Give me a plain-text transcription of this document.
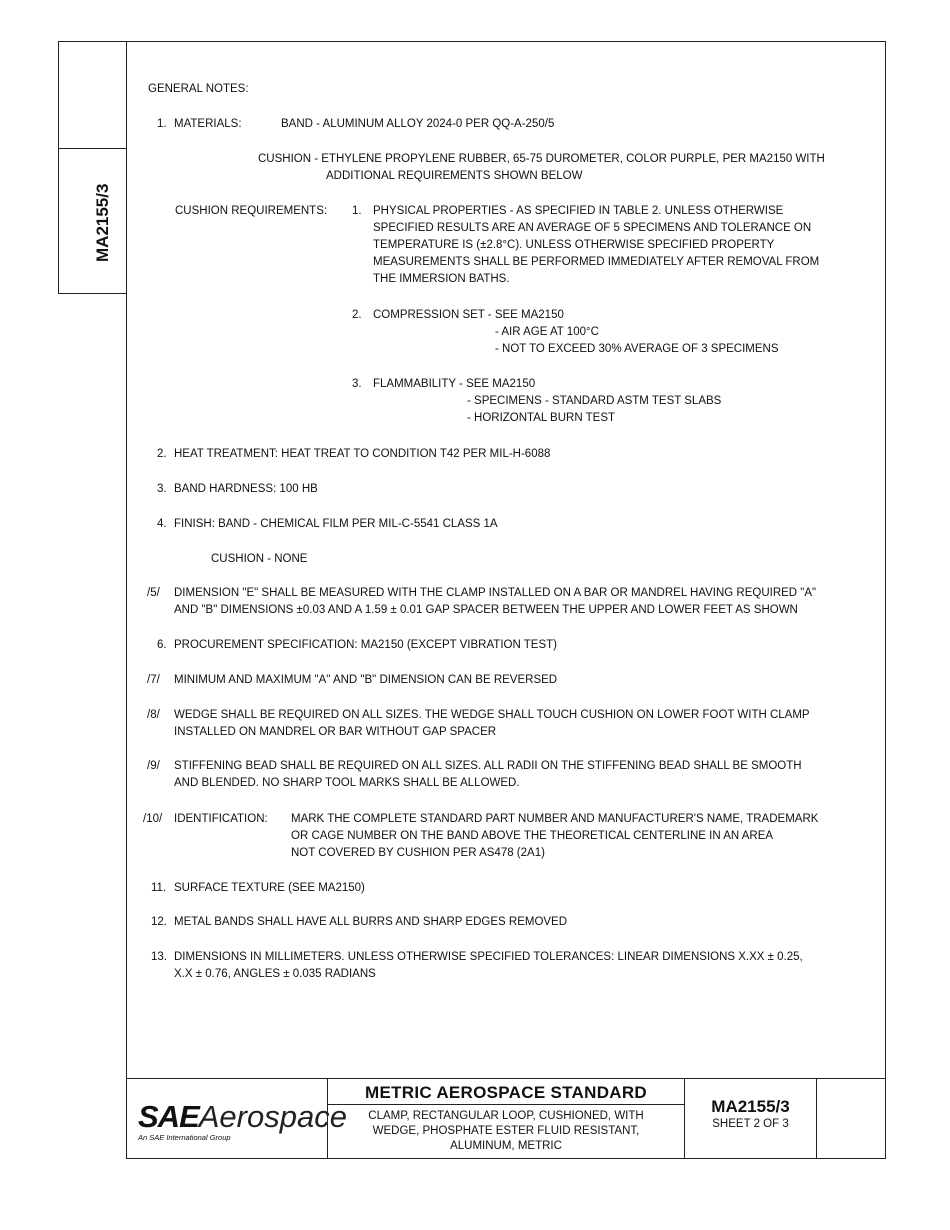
MA2155/3
GENERAL NOTES:
1. MATERIALS:	BAND - ALUMINUM ALLOY 2024-0 PER QQ-A-250/5
CUSHION - ETHYLENE PROPYLENE RUBBER, 65-75 DUROMETER, COLOR PURPLE, PER MA2150 WITH
ADDITIONAL REQUIREMENTS SHOWN BELOW
CUSHION REQUIREMENTS: 1. PHYSICAL PROPERTIES - AS SPECIFIED IN TABLE 2. UNLESS OTHERWISE
SPECIFIED RESULTS ARE AN AVERAGE OF 5 SPECIMENS AND TOLERANCE ON
TEMPERATURE IS (±2.8°C). UNLESS OTHERWISE SPECIFIED PROPERTY
MEASUREMENTS SHALL BE PERFORMED IMMEDIATELY AFTER REMOVAL FROM
THE IMMERSION BATHS.
2. COMPRESSION SET - SEE MA2150
- AIR AGE AT 100°C
- NOT TO EXCEED 30% AVERAGE OF 3 SPECIMENS
3. FLAMMABILITY - SEE MA2150
- SPECIMENS - STANDARD ASTM TEST SLABS
- HORIZONTAL BURN TEST
2. HEAT TREATMENT: HEAT TREAT TO CONDITION T42 PER MIL-H-6088
3. BAND HARDNESS: 100 HB
4. FINISH: BAND - CHEMICAL FILM PER MIL-C-5541 CLASS 1A
CUSHION - NONE
/5/ DIMENSION "E" SHALL BE MEASURED WITH THE CLAMP INSTALLED ON A BAR OR MANDREL HAVING REQUIRED "A"
AND "B" DIMENSIONS ±0.03 AND A 1.59 ± 0.01 GAP SPACER BETWEEN THE UPPER AND LOWER FEET AS SHOWN
6. PROCUREMENT SPECIFICATION: MA2150 (EXCEPT VIBRATION TEST)
/7/ MINIMUM AND MAXIMUM "A" AND "B" DIMENSION CAN BE REVERSED
/8/ WEDGE SHALL BE REQUIRED ON ALL SIZES. THE WEDGE SHALL TOUCH CUSHION ON LOWER FOOT WITH CLAMP
INSTALLED ON MANDREL OR BAR WITHOUT GAP SPACER
/9/ STIFFENING BEAD SHALL BE REQUIRED ON ALL SIZES. ALL RADII ON THE STIFFENING BEAD SHALL BE SMOOTH
AND BLENDED. NO SHARP TOOL MARKS SHALL BE ALLOWED.
/10/ IDENTIFICATION: MARK THE COMPLETE STANDARD PART NUMBER AND MANUFACTURER'S NAME, TRADEMARK
OR CAGE NUMBER ON THE BAND ABOVE THE THEORETICAL CENTERLINE IN AN AREA
NOT COVERED BY CUSHION PER AS478 (2A1)
11. SURFACE TEXTURE (SEE MA2150)
12. METAL BANDS SHALL HAVE ALL BURRS AND SHARP EDGES REMOVED
13. DIMENSIONS IN MILLIMETERS. UNLESS OTHERWISE SPECIFIED TOLERANCES: LINEAR DIMENSIONS X.XX ± 0.25,
X.X ± 0.76, ANGLES ± 0.035 RADIANS
SAEAerospace
An SAE International Group
METRIC AEROSPACE STANDARD
CLAMP, RECTANGULAR LOOP, CUSHIONED, WITH
WEDGE, PHOSPHATE ESTER FLUID RESISTANT,
ALUMINUM, METRIC
MA2155/3
SHEET 2 OF 3
